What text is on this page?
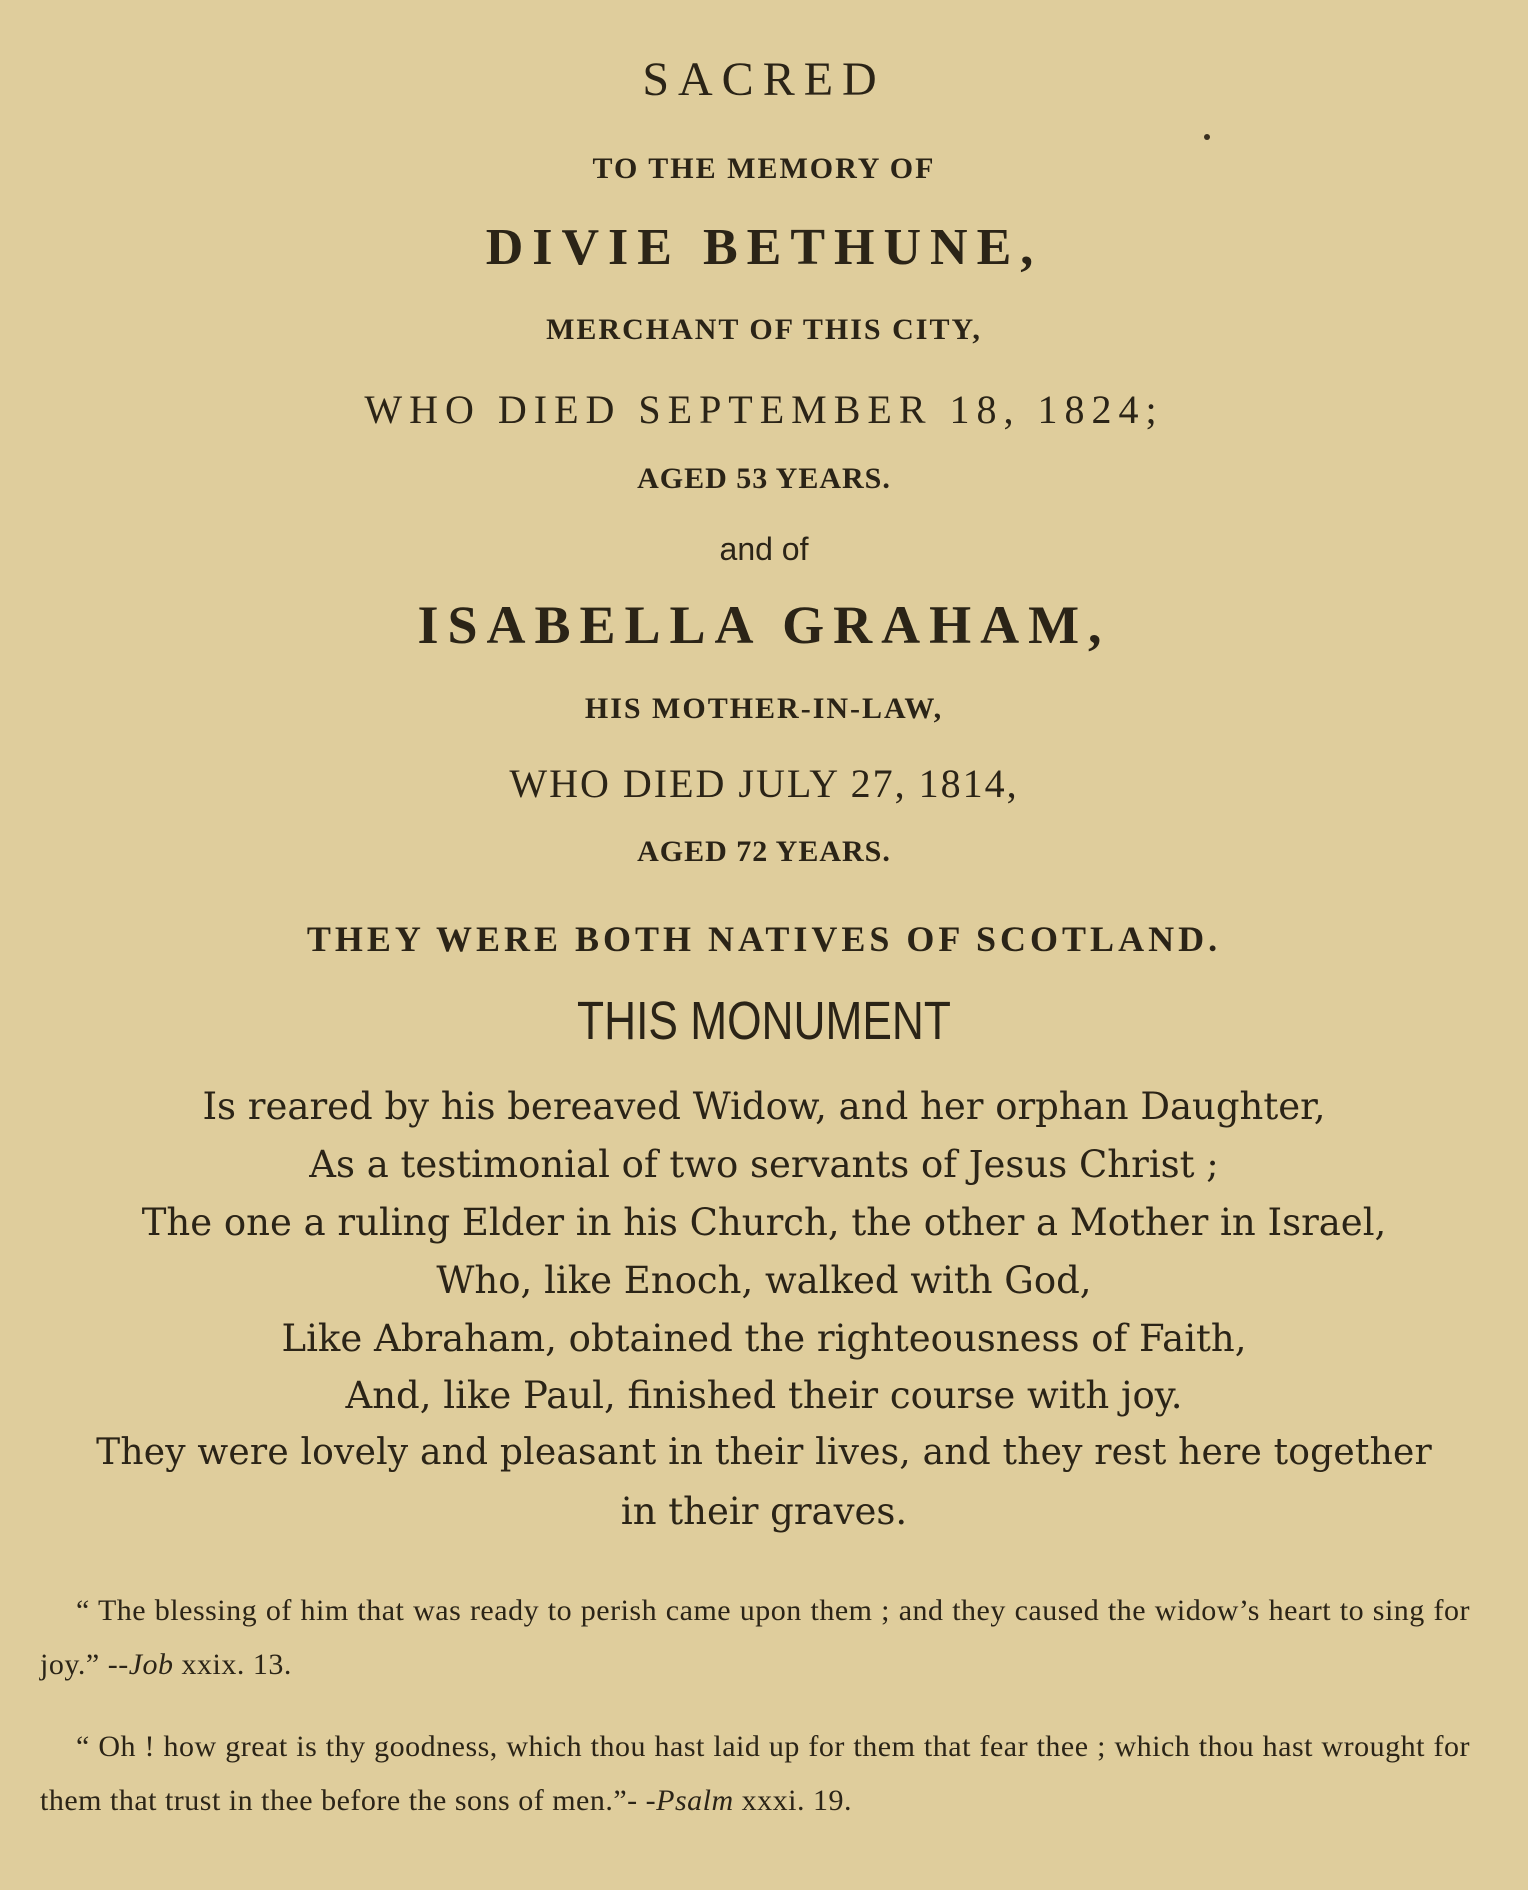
SACRED

TO THE MEMORY OF

DIVIE BETHUNE,

MERCHANT OF THIS CITY,

WHO DIED SEPTEMBER 18, 1824;

AGED 53 YEARS.

and of

ISABELLA GRAHAM,

HIS MOTHER-IN-LAW,

WHO DIED JULY 27, 1814,

AGED 72 YEARS.

THEY WERE BOTH NATIVES OF SCOTLAND.

THIS MONUMENT

Is reared by his bereaved Widow, and her orphan Daughter,

As a testimonial of two servants of Jesus Christ ;

The one a ruling Elder in his Church, the other a Mother in Israel,

Who, like Enoch, walked with God,

Like Abraham, obtained the righteousness of Faith,

And, like Paul, finished their course with joy.

They were lovely and pleasant in their lives, and they rest here together

in their graves.

“ The blessing of him that was ready to perish came upon them ; and they caused the widow’s heart to sing for joy.” --Job xxix. 13.

“ Oh ! how great is thy goodness, which thou hast laid up for them that fear thee ; which thou hast wrought for them that trust in thee before the sons of men.”- -Psalm xxxi. 19.
